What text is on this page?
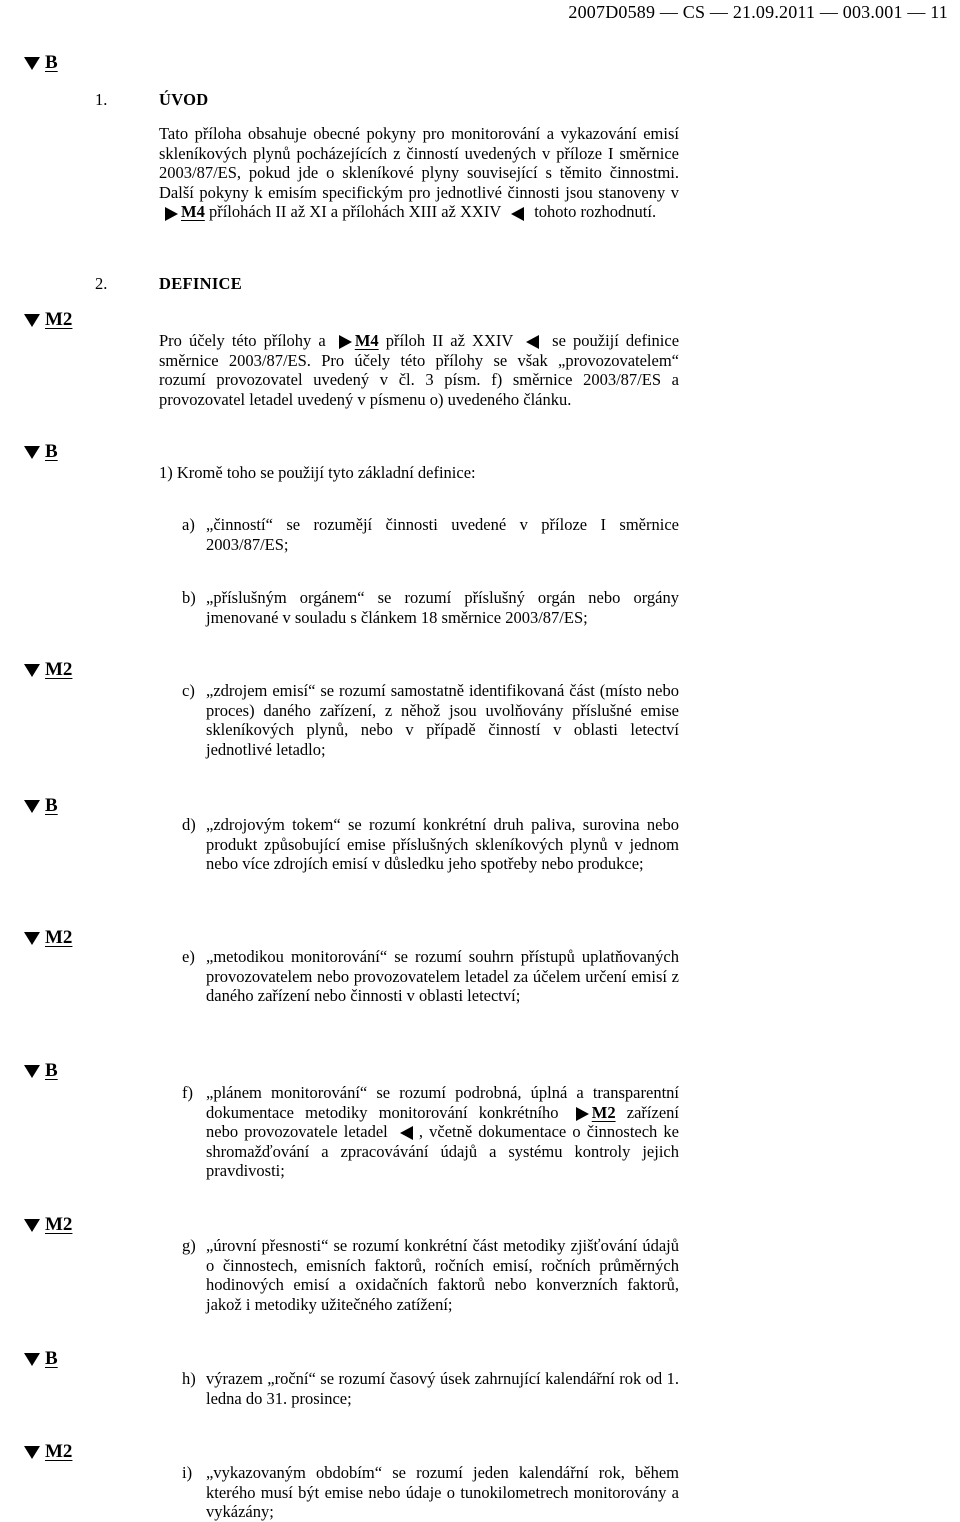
2007D0589 — CS — 21.09.2011 — 003.001 — 11
B
M2
B
M2
B
M2
B
M2
B
M2
1.	ÚVOD

Tato příloha obsahuje obecné pokyny pro monitorování a vykazování emisí skleníkových plynů pocházejících z činností uvedených v příloze I směrnice 2003/87/ES, pokud jde o skleníkové plyny související s těmito činnostmi. Další pokyny k emisím specifickým pro jednotlivé činnosti jsou stanoveny v M4 přílohách II až XI a přílohách XIII až XXIV tohoto rozhodnutí.

2.	DEFINICE

Pro účely této přílohy a M4 příloh II až XXIV se použijí definice směrnice 2003/87/ES. Pro účely této přílohy se však „provozovatelem“ rozumí provozovatel uvedený v čl. 3 písm. f) směrnice 2003/87/ES a provozovatel letadel uvedený v písmenu o) uvedeného článku.

1) Kromě toho se použijí tyto základní definice:
a) „činností“ se rozumějí činnosti uvedené v příloze I směrnice 2003/87/ES;
b) „příslušným orgánem“ se rozumí příslušný orgán nebo orgány jmenované v souladu s článkem 18 směrnice 2003/87/ES;
c) „zdrojem emisí“ se rozumí samostatně identifikovaná část (místo nebo proces) daného zařízení, z něhož jsou uvolňovány příslušné emise skleníkových plynů, nebo v případě činností v oblasti letectví jednotlivé letadlo;
d) „zdrojovým tokem“ se rozumí konkrétní druh paliva, surovina nebo produkt způsobující emise příslušných skleníkových plynů v jednom nebo více zdrojích emisí v důsledku jeho spotřeby nebo produkce;
e) „metodikou monitorování“ se rozumí souhrn přístupů uplatňovaných provozovatelem nebo provozovatelem letadel za účelem určení emisí z daného zařízení nebo činnosti v oblasti letectví;
f) „plánem monitorování“ se rozumí podrobná, úplná a transparentní dokumentace metodiky monitorování konkrétního M2 zařízení nebo provozovatele letadel , včetně dokumentace o činnostech ke shromažďování a zpracovávání údajů a systému kontroly jejich pravdivosti;
g) „úrovní přesnosti“ se rozumí konkrétní část metodiky zjišťování údajů o činnostech, emisních faktorů, ročních emisí, ročních průměrných hodinových emisí a oxidačních faktorů nebo konverzních faktorů, jakož i metodiky užitečného zatížení;
h) výrazem „roční“ se rozumí časový úsek zahrnující kalendářní rok od 1. ledna do 31. prosince;
i) „vykazovaným obdobím“ se rozumí jeden kalendářní rok, během kterého musí být emise nebo údaje o tunokilometrech monitorovány a vykázány;
